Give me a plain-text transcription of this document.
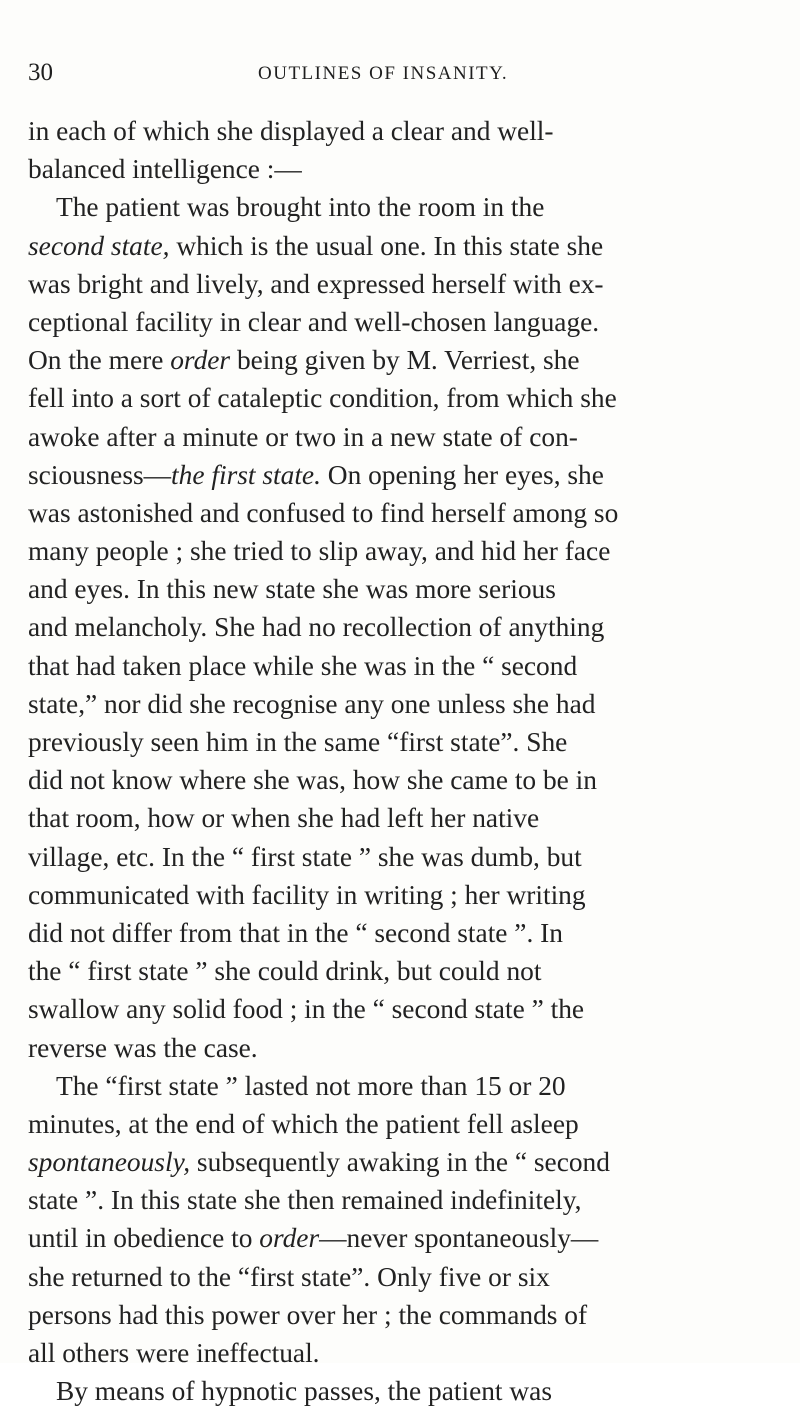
30	OUTLINES OF INSANITY.
in each of which she displayed a clear and well-
balanced intelligence :—
The patient was brought into the room in the
second state, which is the usual one. In this state she
was bright and lively, and expressed herself with ex-
ceptional facility in clear and well-chosen language.
On the mere order being given by M. Verriest, she
fell into a sort of cataleptic condition, from which she
awoke after a minute or two in a new state of con-
sciousness—the first state. On opening her eyes, she
was astonished and confused to find herself among so
many people ; she tried to slip away, and hid her face
and eyes. In this new state she was more serious
and melancholy. She had no recollection of anything
that had taken place while she was in the “ second
state,” nor did she recognise any one unless she had
previously seen him in the same “first state”. She
did not know where she was, how she came to be in
that room, how or when she had left her native
village, etc. In the “ first state ” she was dumb, but
communicated with facility in writing ; her writing
did not differ from that in the “ second state ”. In
the “ first state ” she could drink, but could not
swallow any solid food ; in the “ second state ” the
reverse was the case.
The “first state ” lasted not more than 15 or 20
minutes, at the end of which the patient fell asleep
spontaneously, subsequently awaking in the “ second
state ”. In this state she then remained indefinitely,
until in obedience to order—never spontaneously—
she returned to the “first state”. Only five or six
persons had this power over her ; the commands of
all others were ineffectual.
By means of hypnotic passes, the patient was
